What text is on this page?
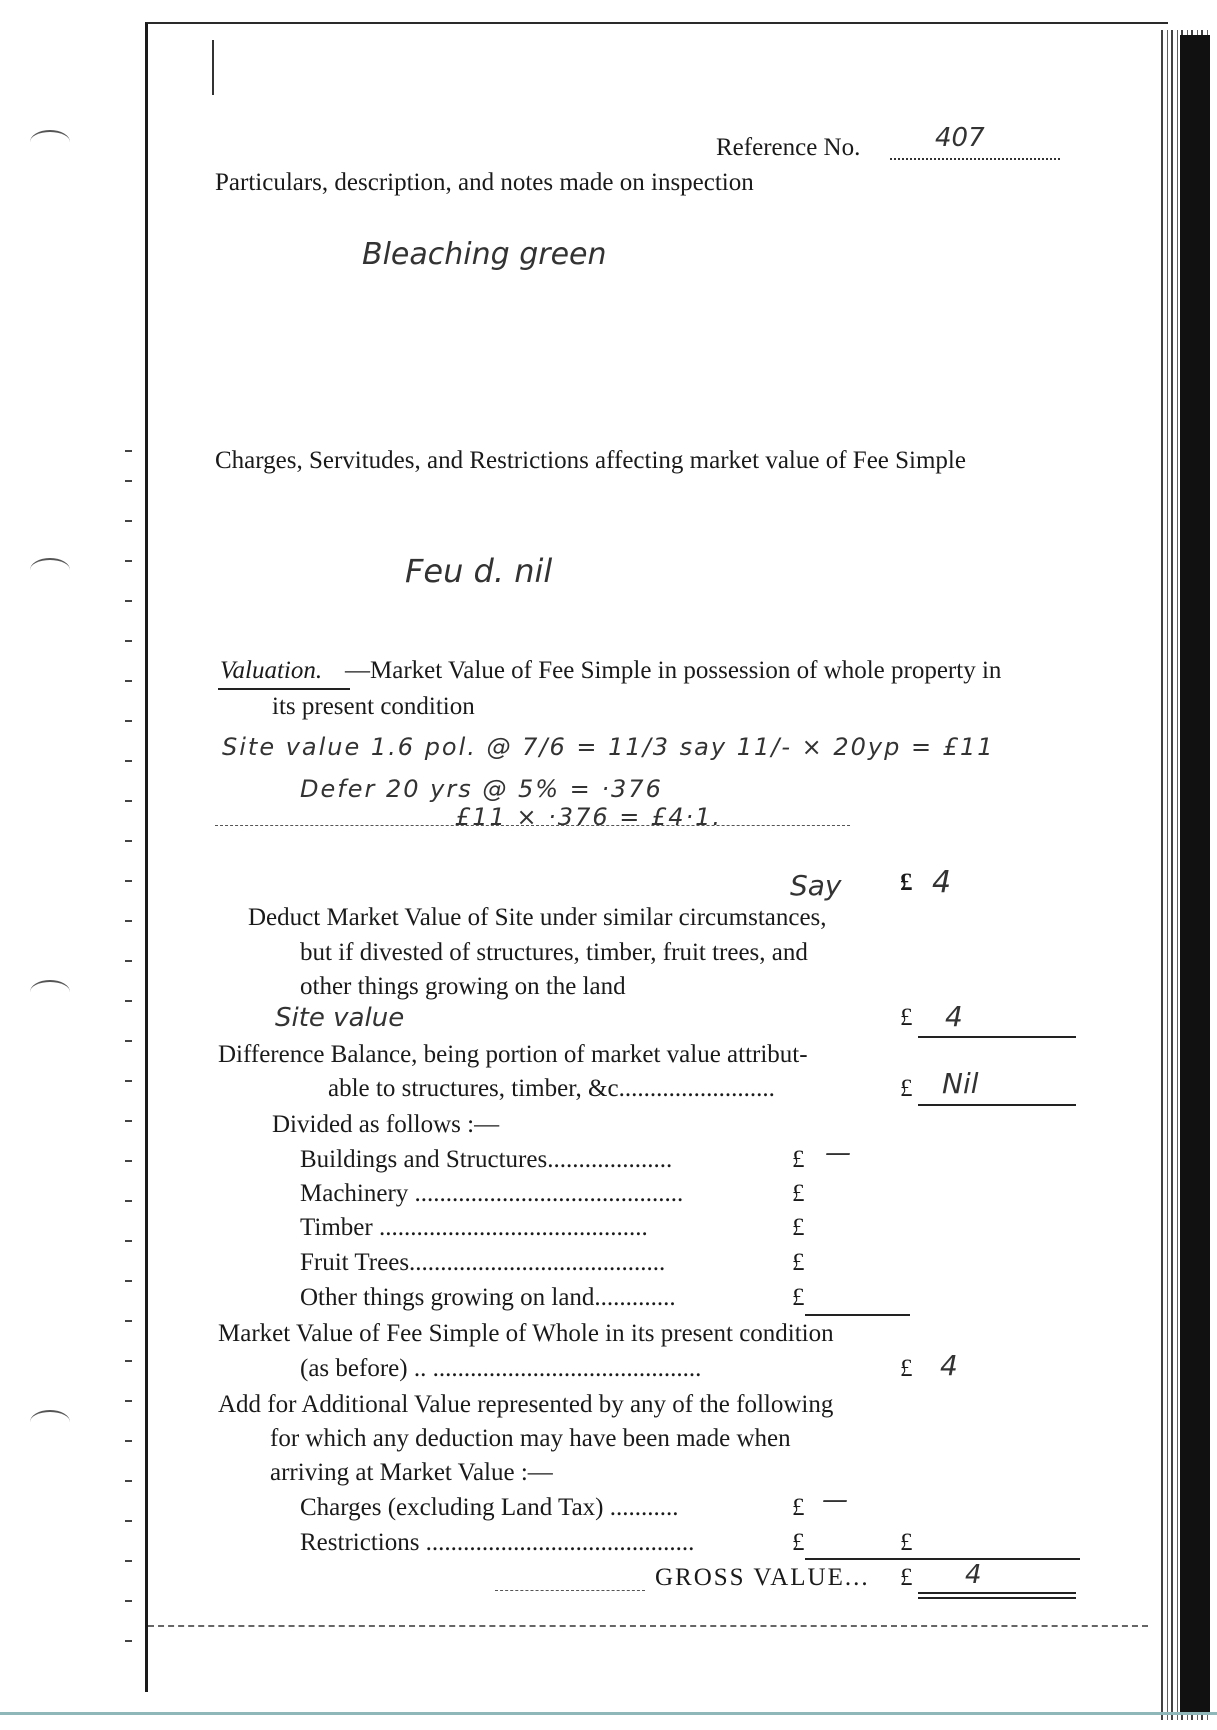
Reference No.	407
Particulars, description, and notes made on inspection
Bleaching green
Charges, Servitudes, and Restrictions affecting market value of Fee Simple
Feu d. nil
Valuation. —Market Value of Fee Simple in possession of whole property in
its present condition
Site value 1.6 pol. @ 7/6 = 11/3 say 11/- × 20yp = £11
Defer 20 yrs @ 5% = ·376
£11 × ·376 = £4·1.
Say £ 4
Deduct Market Value of Site under similar circumstances,
but if divested of structures, timber, fruit trees, and
other things growing on the land
Site value	£ 4
Difference Balance, being portion of market value attribut-
able to structures, timber, &c.........................	£ Nil
Divided as follows :—
Buildings and Structures....................	£ —
Machinery ...........................................	£
Timber ...........................................	£
Fruit Trees.........................................	£
Other things growing on land.............	£
Market Value of Fee Simple of Whole in its present condition
(as before) .. ...........................................	£ 4
Add for Additional Value represented by any of the following
for which any deduction may have been made when
arriving at Market Value :—
Charges (excluding Land Tax) ...........	£ —
Restrictions ...........................................	£	£
GROSS VALUE... £ 4
